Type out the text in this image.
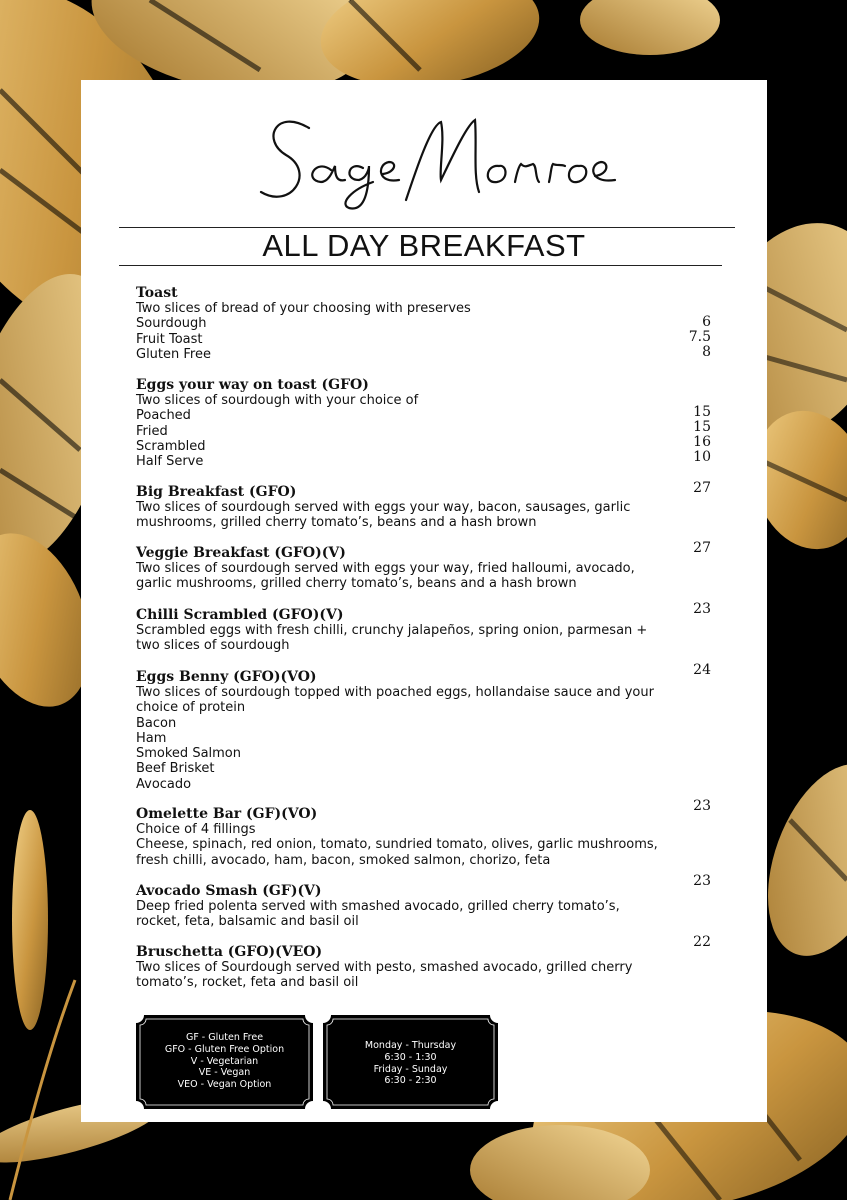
ALL DAY BREAKFAST
Toast
Two slices of bread of your choosing with preserves
Sourdough
Fruit Toast
Gluten Free
6
7.5
8
Eggs your way on toast (GFO)
Two slices of sourdough with your choice of
Poached
Fried
Scrambled
Half Serve
15
15
16
10
Big Breakfast (GFO)
Two slices of sourdough served with eggs your way, bacon, sausages, garlic
mushrooms, grilled cherry tomato’s, beans and a hash brown
27
Veggie Breakfast (GFO)(V)
Two slices of sourdough served with eggs your way, fried halloumi, avocado,
garlic mushrooms, grilled cherry tomato’s, beans and a hash brown
27
Chilli Scrambled (GFO)(V)
Scrambled eggs with fresh chilli, crunchy jalapeños, spring onion, parmesan +
two slices of sourdough
23
Eggs Benny (GFO)(VO)
Two slices of sourdough topped with poached eggs, hollandaise sauce and your
choice of protein
Bacon
Ham
Smoked Salmon
Beef Brisket
Avocado
24
Omelette Bar (GF)(VO)
Choice of 4 fillings
Cheese, spinach, red onion, tomato, sundried tomato, olives, garlic mushrooms,
fresh chilli, avocado, ham, bacon, smoked salmon, chorizo, feta
23
Avocado Smash (GF)(V)
Deep fried polenta served with smashed avocado, grilled cherry tomato’s,
rocket, feta, balsamic and basil oil
23
Bruschetta (GFO)(VEO)
Two slices of Sourdough served with pesto, smashed avocado, grilled cherry
tomato’s, rocket, feta and basil oil
22
GF - Gluten Free
GFO - Gluten Free Option
V - Vegetarian
VE - Vegan
VEO - Vegan Option
Monday - Thursday
6:30 - 1:30
Friday - Sunday
6:30 - 2:30
